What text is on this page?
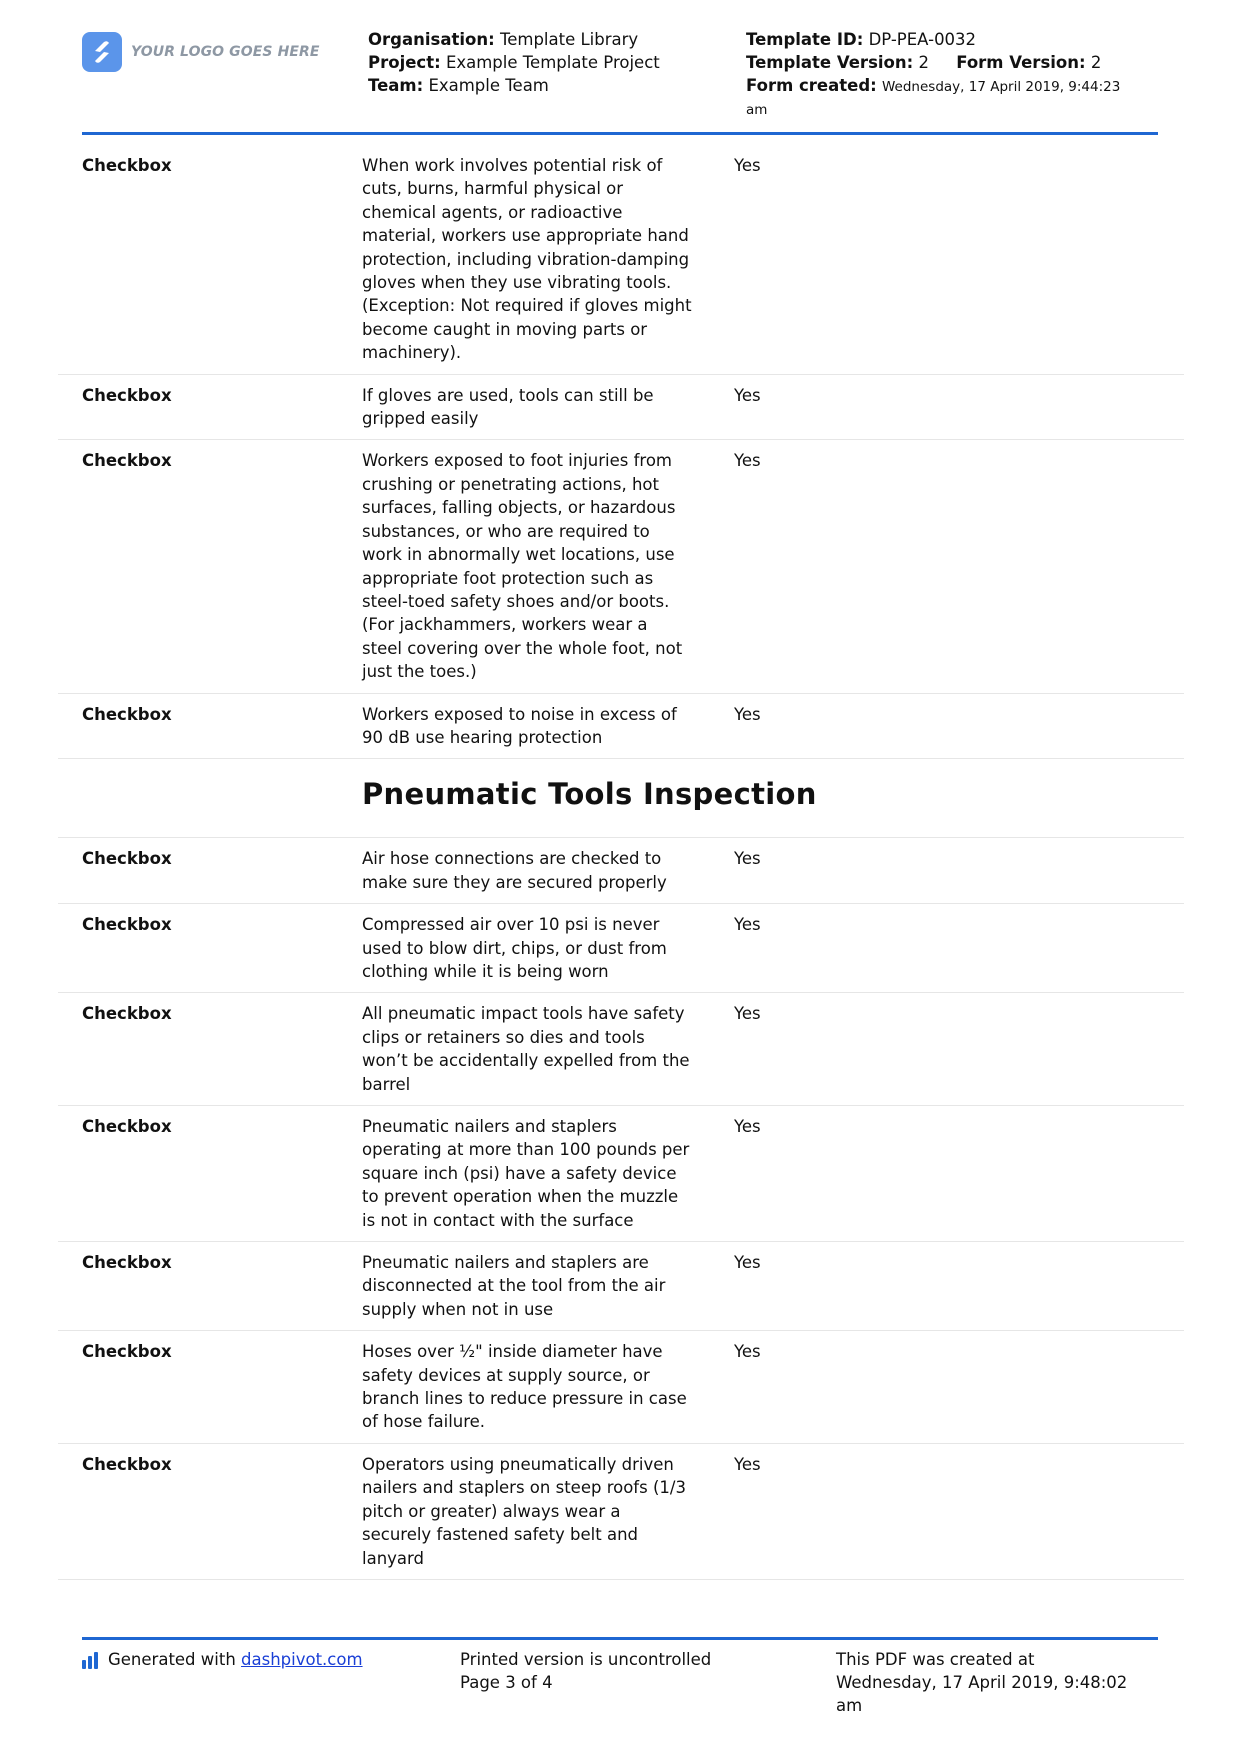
YOUR LOGO GOES HERE
Organisation: Template Library
Project: Example Template Project
Team: Example Team
Template ID: DP-PEA-0032
Template Version: 2 Form Version: 2
Form created: Wednesday, 17 April 2019, 9:44:23
am
Checkbox	When work involves potential risk of cuts, burns, harmful physical or chemical agents, or radioactive material, workers use appropriate hand protection, including vibration-damping gloves when they use vibrating tools. (Exception: Not required if gloves might become caught in moving parts or machinery).
Yes
Checkbox	If gloves are used, tools can still be gripped easily
Yes
Checkbox	Workers exposed to foot injuries from crushing or penetrating actions, hot surfaces, falling objects, or hazardous substances, or who are required to work in abnormally wet locations, use appropriate foot protection such as steel-toed safety shoes and/or boots. (For jackhammers, workers wear a steel covering over the whole foot, not just the toes.)
Yes
Checkbox	Workers exposed to noise in excess of 90 dB use hearing protection
Yes
Pneumatic Tools Inspection
Checkbox	Air hose connections are checked to make sure they are secured properly
Yes
Checkbox	Compressed air over 10 psi is never used to blow dirt, chips, or dust from clothing while it is being worn
Yes
Checkbox	All pneumatic impact tools have safety clips or retainers so dies and tools won’t be accidentally expelled from the barrel
Yes
Checkbox	Pneumatic nailers and staplers operating at more than 100 pounds per square inch (psi) have a safety device to prevent operation when the muzzle is not in contact with the surface
Yes
Checkbox	Pneumatic nailers and staplers are disconnected at the tool from the air supply when not in use
Yes
Checkbox	Hoses over ½" inside diameter have safety devices at supply source, or branch lines to reduce pressure in case of hose failure.
Yes
Checkbox	Operators using pneumatically driven nailers and staplers on steep roofs (1/3 pitch or greater) always wear a securely fastened safety belt and lanyard
Yes
Generated with dashpivot.com	Printed version is uncontrolled
Page 3 of 4
This PDF was created at
Wednesday, 17 April 2019, 9:48:02
am
